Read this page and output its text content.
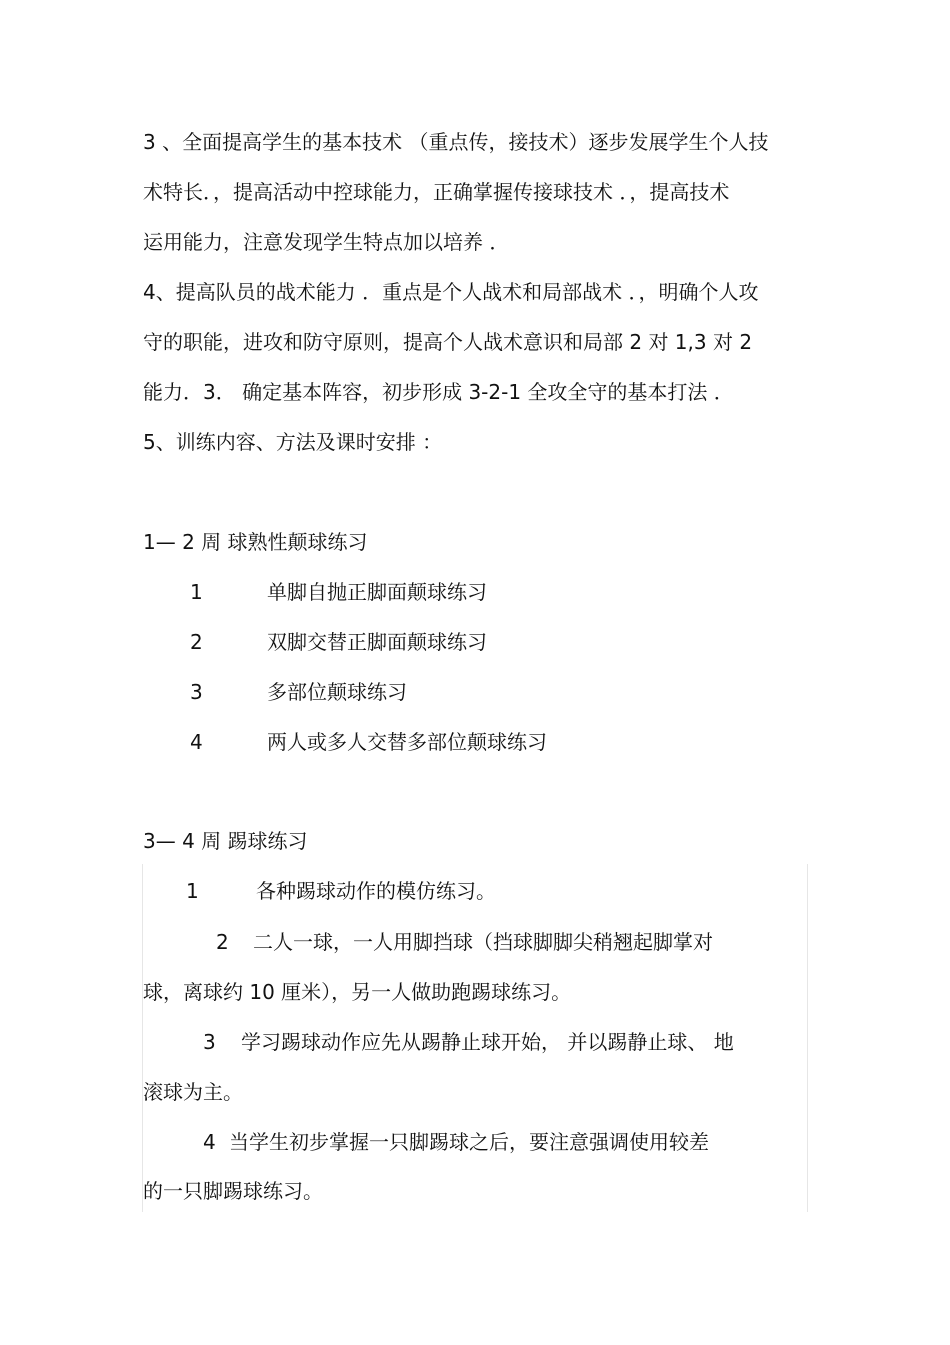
3 、全面提高学生的基本技术 （重点传，接技术）逐步发展学生个人技
术特长．，提高活动中控球能力，正确掌握传接球技术 ．，提高技术
运用能力，注意发现学生特点加以培养 ．
4、提高队员的战术能力 ．重点是个人战术和局部战术 ．，明确个人攻
守的职能，进攻和防守原则，提高个人战术意识和局部 2 对 1,3 对 2
能力．3． 确定基本阵容，初步形成 3-2-1 全攻全守的基本打法 ．
5、训练内容、方法及课时安排 ：
1— 2 周 球熟性颠球练习
1	单脚自抛正脚面颠球练习
2	双脚交替正脚面颠球练习
3	多部位颠球练习
4	两人或多人交替多部位颠球练习
3— 4 周 踢球练习
1	各种踢球动作的模仿练习。
2 二人一球，一人用脚挡球（挡球脚脚尖稍翘起脚掌对
球，离球约 10 厘米），另一人做助跑踢球练习。
3 学习踢球动作应先从踢静止球开始， 并以踢静止球、 地
滚球为主。
4 当学生初步掌握一只脚踢球之后，要注意强调使用较差
的一只脚踢球练习。
